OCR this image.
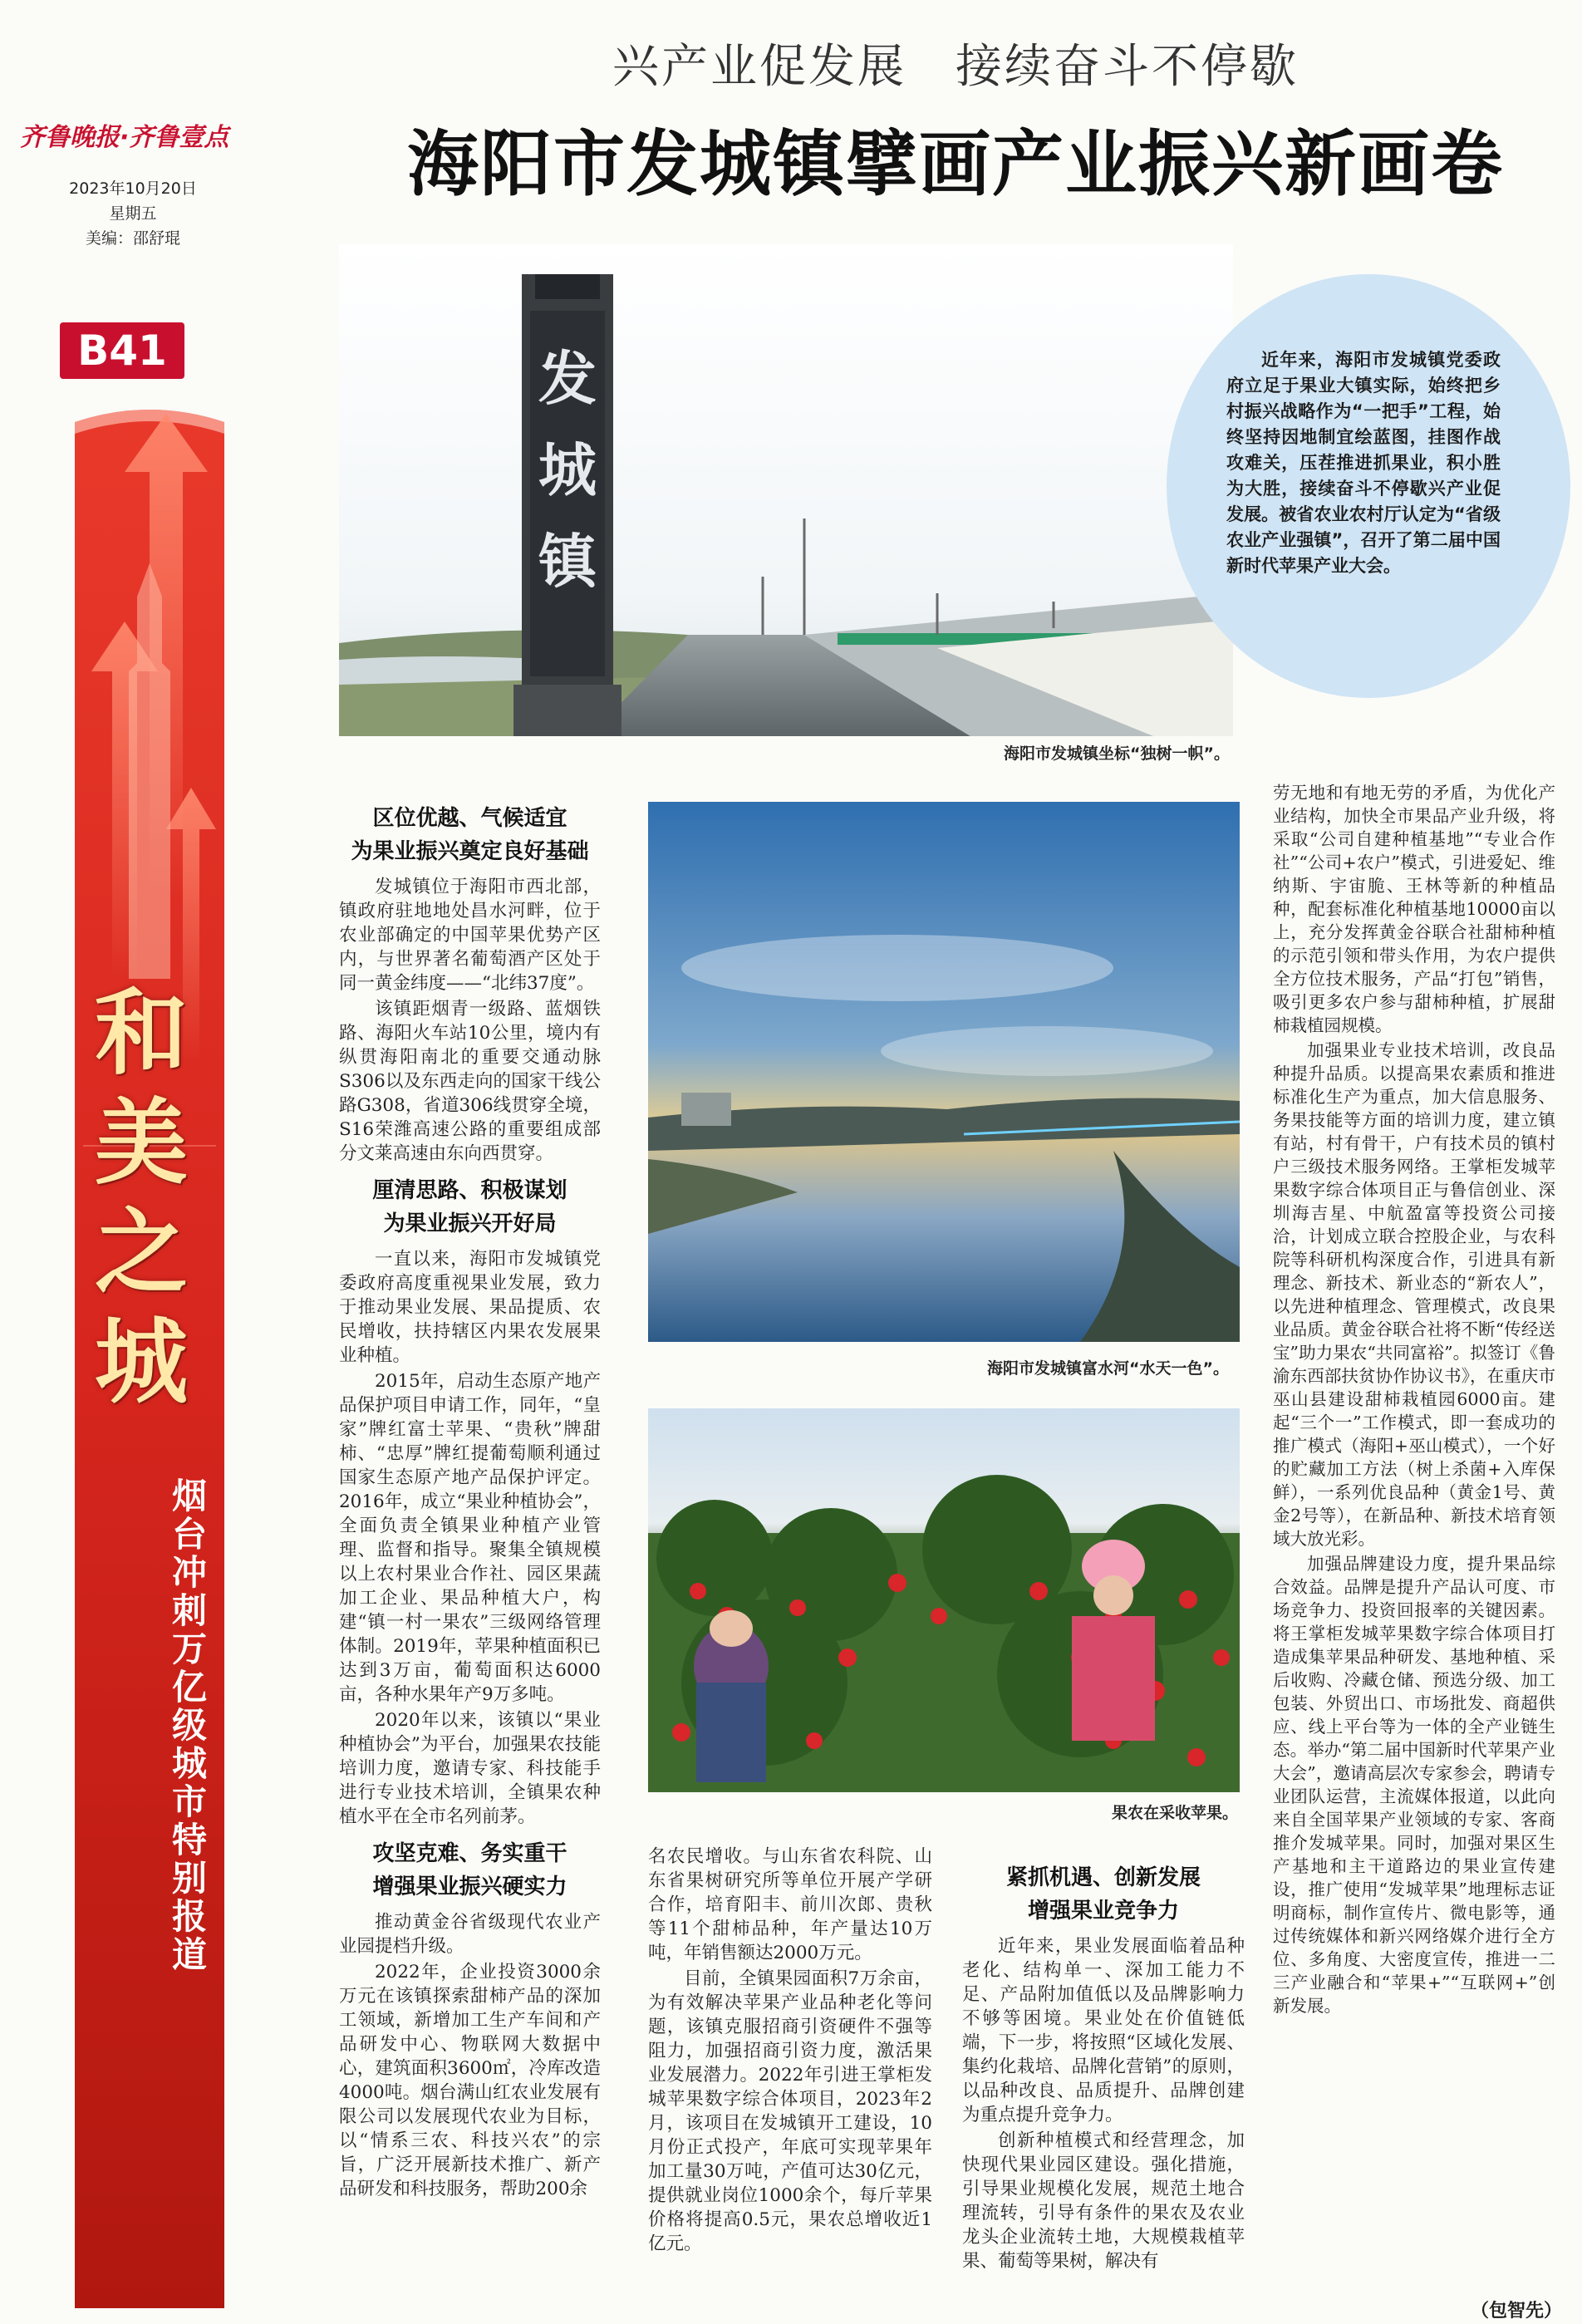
齐鲁晚报·齐鲁壹点
2023年10月20日
星期五
美编：邵舒琨
B41
兴产业促发展　接续奋斗不停歇
海阳市发城镇擘画产业振兴新画卷
和
美
之
城
烟台冲刺万亿级城市特别报道
发
城
镇
近年来，海阳市发城镇党委政府立足于果业大镇实际，始终把乡村振兴战略作为“一把手”工程，始终坚持因地制宜绘蓝图，挂图作战攻难关，压茬推进抓果业，积小胜为大胜，接续奋斗不停歇兴产业促发展。被省农业农村厅认定为“省级农业产业强镇”，召开了第二届中国新时代苹果产业大会。
海阳市发城镇坐标“独树一帜”。
区位优越、气候适宜
为果业振兴奠定良好基础

发城镇位于海阳市西北部，镇政府驻地地处昌水河畔，位于农业部确定的中国苹果优势产区内，与世界著名葡萄酒产区处于同一黄金纬度——“北纬37度”。

该镇距烟青一级路、蓝烟铁路、海阳火车站10公里，境内有纵贯海阳南北的重要交通动脉S306以及东西走向的国家干线公路G308，省道306线贯穿全境，S16荣潍高速公路的重要组成部分文莱高速由东向西贯穿。

厘清思路、积极谋划
为果业振兴开好局

一直以来，海阳市发城镇党委政府高度重视果业发展，致力于推动果业发展、果品提质、农民增收，扶持辖区内果农发展果业种植。

2015年，启动生态原产地产品保护项目申请工作，同年，“皇家”牌红富士苹果、“贵秋”牌甜柿、“忠厚”牌红提葡萄顺利通过国家生态原产地产品保护评定。2016年，成立“果业种植协会”，全面负责全镇果业种植产业管理、监督和指导。聚集全镇规模以上农村果业合作社、园区果蔬加工企业、果品种植大户，构建“镇一村一果农”三级网络管理体制。2019年，苹果种植面积已达到3万亩，葡萄面积达6000亩，各种水果年产9万多吨。

2020年以来，该镇以“果业种植协会”为平台，加强果农技能培训力度，邀请专家、科技能手进行专业技术培训，全镇果农种植水平在全市名列前茅。

攻坚克难、务实重干
增强果业振兴硬实力

推动黄金谷省级现代农业产业园提档升级。

2022年，企业投资3000余万元在该镇探索甜柿产品的深加工领域，新增加工生产车间和产品研发中心、物联网大数据中心，建筑面积3600㎡，冷库改造4000吨。烟台满山红农业发展有限公司以发展现代农业为目标，以“情系三农、科技兴农”的宗旨，广泛开展新技术推广、新产品研发和科技服务，帮助200余

海阳市发城镇富水河“水天一色”。
果农在采收苹果。

名农民增收。与山东省农科院、山东省果树研究所等单位开展产学研合作，培育阳丰、前川次郎、贵秋等11个甜柿品种，年产量达10万吨，年销售额达2000万元。

目前，全镇果园面积7万余亩，为有效解决苹果产业品种老化等问题，该镇克服招商引资硬件不强等阻力，加强招商引资力度，激活果业发展潜力。2022年引进王掌柜发城苹果数字综合体项目，2023年2月，该项目在发城镇开工建设，10月份正式投产，年底可实现苹果年加工量30万吨，产值可达30亿元，提供就业岗位1000余个，每斤苹果价格将提高0.5元，果农总增收近1亿元。

紧抓机遇、创新发展
增强果业竞争力

近年来，果业发展面临着品种老化、结构单一、深加工能力不足、产品附加值低以及品牌影响力不够等困境。果业处在价值链低端，下一步，将按照“区域化发展、集约化栽培、品牌化营销”的原则，以品种改良、品质提升、品牌创建为重点提升竞争力。

创新种植模式和经营理念，加快现代果业园区建设。强化措施，引导果业规模化发展，规范土地合理流转，引导有条件的果农及农业龙头企业流转土地，大规模栽植苹果、葡萄等果树，解决有

劳无地和有地无劳的矛盾，为优化产业结构，加快全市果品产业升级，将采取“公司自建种植基地”“专业合作社”“公司+农户”模式，引进爱妃、维纳斯、宇宙脆、王林等新的种植品种，配套标准化种植基地10000亩以上，充分发挥黄金谷联合社甜柿种植的示范引领和带头作用，为农户提供全方位技术服务，产品“打包”销售，吸引更多农户参与甜柿种植，扩展甜柿栽植园规模。

加强果业专业技术培训，改良品种提升品质。以提高果农素质和推进标准化生产为重点，加大信息服务、务果技能等方面的培训力度，建立镇有站，村有骨干，户有技术员的镇村户三级技术服务网络。王掌柜发城苹果数字综合体项目正与鲁信创业、深圳海吉星、中航盈富等投资公司接洽，计划成立联合控股企业，与农科院等科研机构深度合作，引进具有新理念、新技术、新业态的“新农人”，以先进种植理念、管理模式，改良果业品质。黄金谷联合社将不断“传经送宝”助力果农“共同富裕”。拟签订《鲁渝东西部扶贫协作协议书》，在重庆市巫山县建设甜柿栽植园6000亩。建起“三个一”工作模式，即一套成功的推广模式（海阳+巫山模式），一个好的贮藏加工方法（树上杀菌+入库保鲜），一系列优良品种（黄金1号、黄金2号等），在新品种、新技术培育领域大放光彩。

加强品牌建设力度，提升果品综合效益。品牌是提升产品认可度、市场竞争力、投资回报率的关键因素。将王掌柜发城苹果数字综合体项目打造成集苹果品种研发、基地种植、采后收购、冷藏仓储、预选分级、加工包装、外贸出口、市场批发、商超供应、线上平台等为一体的全产业链生态。举办“第二届中国新时代苹果产业大会”，邀请高层次专家参会，聘请专业团队运营，主流媒体报道，以此向来自全国苹果产业领域的专家、客商推介发城苹果。同时，加强对果区生产基地和主干道路边的果业宣传建设，推广使用“发城苹果”地理标志证明商标，制作宣传片、微电影等，通过传统媒体和新兴网络媒介进行全方位、多角度、大密度宣传，推进一二三产业融合和“苹果+”“互联网+”创新发展。

（包智先）
